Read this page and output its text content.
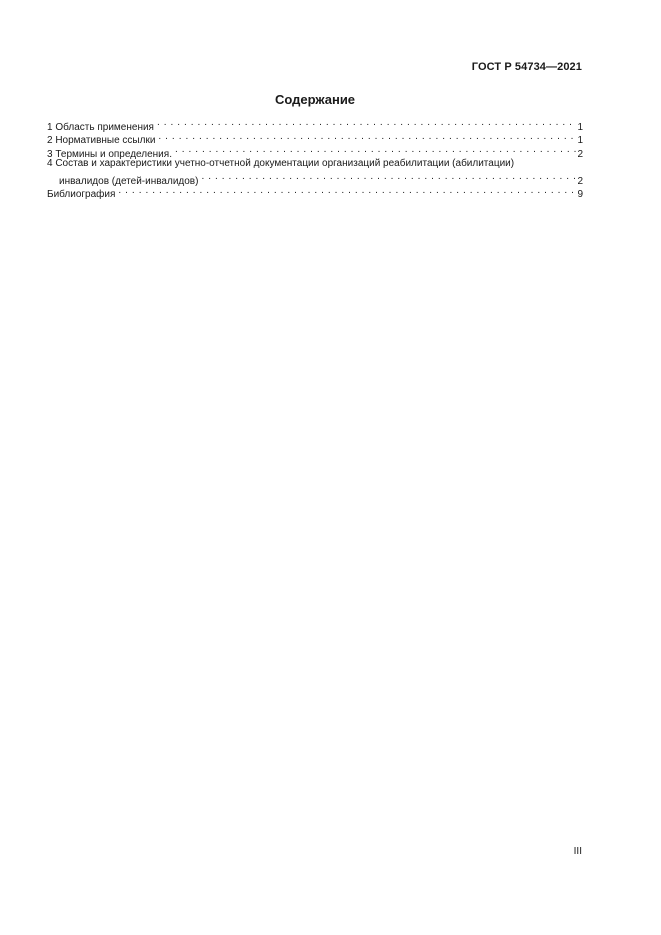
ГОСТ Р 54734—2021
Содержание
1 Область применения . . .	1
2 Нормативные ссылки . . .	1
3 Термины и определения. . . .	2
4 Состав и характеристики учетно-отчетной документации организаций реабилитации (абилитации)
инвалидов (детей-инвалидов) . . .	2
Библиография . . .	9
III
